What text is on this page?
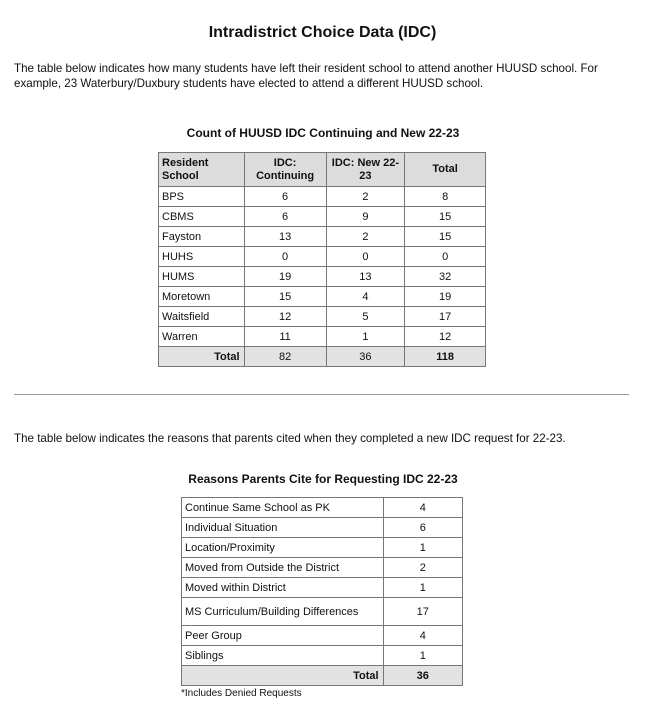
Intradistrict Choice Data (IDC)
The table below indicates how many students have left their resident school to attend another HUUSD school. For example, 23 Waterbury/Duxbury students have elected to attend a different HUUSD school.
Count of HUUSD IDC Continuing and New 22-23
Resident School	IDC: Continuing	IDC: New 22-23	Total
BPS	6	2	8
CBMS	6	9	15
Fayston	13	2	15
HUHS	0	0	0
HUMS	19	13	32
Moretown	15	4	19
Waitsfield	12	5	17
Warren	11	1	12
Total	82	36	118
The table below indicates the reasons that parents cited when they completed a new IDC request for 22-23.
Reasons Parents Cite for Requesting IDC 22-23
Continue Same School as PK	4
Individual Situation	6
Location/Proximity	1
Moved from Outside the District	2
Moved within District	1
MS Curriculum/Building Differences	17
Peer Group	4
Siblings	1
Total	36
*Includes Denied Requests
